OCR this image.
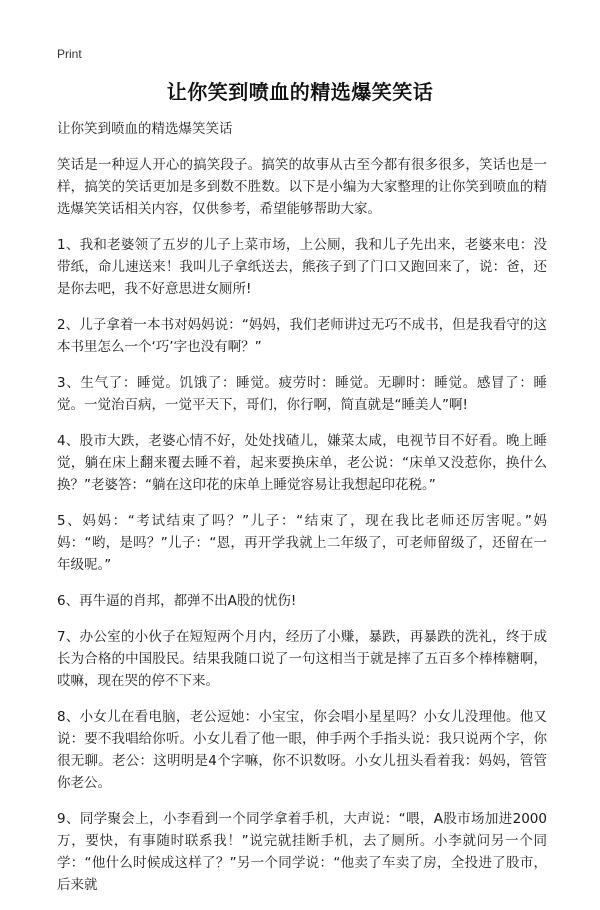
Print
让你笑到喷血的精选爆笑笑话
让你笑到喷血的精选爆笑笑话

笑话是一种逗人开心的搞笑段子。搞笑的故事从古至今都有很多很多，笑话也是一样，搞笑的笑话更加是多到数不胜数。以下是小编为大家整理的让你笑到喷血的精选爆笑笑话相关内容，仅供参考，希望能够帮助大家。

1、我和老婆领了五岁的儿子上菜市场，上公厕，我和儿子先出来，老婆来电：没带纸，命儿速送来！我叫儿子拿纸送去，熊孩子到了门口又跑回来了，说：爸，还是你去吧，我不好意思进女厕所!

2、儿子拿着一本书对妈妈说：“妈妈，我们老师讲过无巧不成书，但是我看守的这本书里怎么一个‘巧’字也没有啊？”

3、生气了：睡觉。饥饿了：睡觉。疲劳时：睡觉。无聊时：睡觉。感冒了：睡觉。一觉治百病，一觉平天下，哥们，你行啊，简直就是“睡美人”啊!

4、股市大跌，老婆心情不好，处处找碴儿，嫌菜太咸，电视节目不好看。晚上睡觉，躺在床上翻来覆去睡不着，起来要换床单，老公说：“床单又没惹你，换什么换？”老婆答：“躺在这印花的床单上睡觉容易让我想起印花税。”

5、妈妈：“考试结束了吗？”儿子：“结束了，现在我比老师还厉害呢。”妈妈：“哟，是吗？”儿子：“恩，再开学我就上二年级了，可老师留级了，还留在一年级呢。”

6、再牛逼的肖邦，都弹不出A股的忧伤!

7、办公室的小伙子在短短两个月内，经历了小赚，暴跌，再暴跌的洗礼，终于成长为合格的中国股民。结果我随口说了一句这相当于就是摔了五百多个棒棒糖啊，哎嘛，现在哭的停不下来。

8、小女儿在看电脑，老公逗她：小宝宝，你会唱小星星吗？小女儿没理他。他又说：要不我唱给你听。小女儿看了他一眼，伸手两个手指头说：我只说两个字，你很无聊。老公：这明明是4个字嘛，你不识数呀。小女儿扭头看着我：妈妈，管管你老公。

9、同学聚会上，小李看到一个同学拿着手机，大声说：“喂，A股市场加进2000万，要快，有事随时联系我！”说完就挂断手机，去了厕所。小李就问另一个同学：“他什么时候成这样了？”另一个同学说：“他卖了车卖了房，全投进了股市，后来就
